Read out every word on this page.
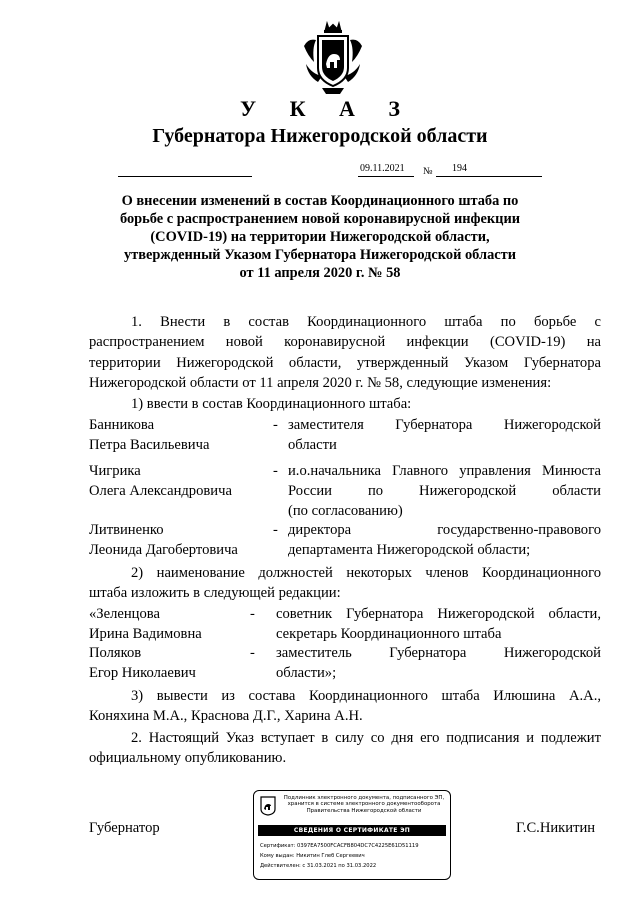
У К А З
Губернатора Нижегородской области
09.11.2021 № 194
О внесении изменений в состав Координационного штаба по
борьбе с распространением новой коронавирусной инфекции
(COVID-19) на территории Нижегородской области,
утвержденный Указом Губернатора Нижегородской области
от 11 апреля 2020 г. № 58
1. Внести в состав Координационного штаба по борьбе с
распространением новой коронавирусной инфекции (COVID-19) на
территории Нижегородской области, утвержденный Указом Губернатора
Нижегородской области от 11 апреля 2020 г. № 58, следующие изменения:
1) ввести в состав Координационного штаба:
Банникова
Петра Васильевича
- заместителя Губернатора Нижегородской
области
Чигрика
Олега Александровича
- и.о.начальника Главного управления Минюста
России по Нижегородской области
(по согласованию)
Литвиненко
Леонида Дагобертовича
- директора государственно-правового
департамента Нижегородской области;
2) наименование должностей некоторых членов Координационного
штаба изложить в следующей редакции:
«Зеленцова
Ирина Вадимовна
- советник Губернатора Нижегородской области,
секретарь Координационного штаба
Поляков
Егор Николаевич
- заместитель Губернатора Нижегородской
области»;
3) вывести из состава Координационного штаба Илюшина А.А.,
Коняхина М.А., Краснова Д.Г., Харина А.Н.
2. Настоящий Указ вступает в силу со дня его подписания и подлежит
официальному опубликованию.
Губернатор	Г.С.Никитин
Подлинник электронного документа, подписанного ЭП,
хранится в системе электронного документооборота
Правительства Нижегородской области
СВЕДЕНИЯ О СЕРТИФИКАТЕ ЭП
Сертификат: 0397EA7500FCACFB804DC7C4225E61D51119
Кому выдан: Никитин Глеб Сергеевич
Действителен: с 31.03.2021 по 31.03.2022
